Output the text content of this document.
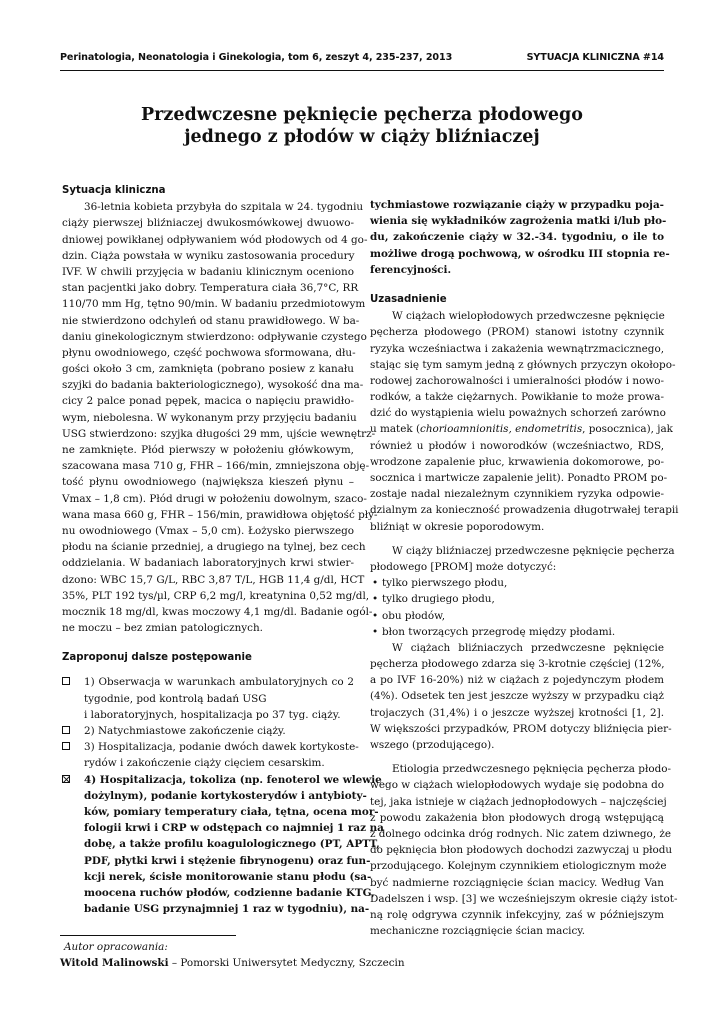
Perinatologia, Neonatologia i Ginekologia, tom 6, zeszyt 4, 235-237, 2013	SYTUACJA KLINICZNA #14
Przedwczesne pęknięcie pęcherza płodowego
jednego z płodów w ciąży bliźniaczej
Sytuacja kliniczna
36-letnia kobieta przybyła do szpitala w 24. tygodniu
ciąży pierwszej bliźniaczej dwukosmówkowej dwuowo-
dniowej powikłanej odpływaniem wód płodowych od 4 go-
dzin. Ciąża powstała w wyniku zastosowania procedury
IVF. W chwili przyjęcia w badaniu klinicznym oceniono
stan pacjentki jako dobry. Temperatura ciała 36,7°C, RR
110/70 mm Hg, tętno 90/min. W badaniu przedmiotowym
nie stwierdzono odchyleń od stanu prawidłowego. W ba-
daniu ginekologicznym stwierdzono: odpływanie czystego
płynu owodniowego, część pochwowa sformowana, dłu-
gości około 3 cm, zamknięta (pobrano posiew z kanału
szyjki do badania bakteriologicznego), wysokość dna ma-
cicy 2 palce ponad pępek, macica o napięciu prawidło-
wym, niebolesna. W wykonanym przy przyjęciu badaniu
USG stwierdzono: szyjka długości 29 mm, ujście wewnętrz-
ne zamknięte. Płód pierwszy w położeniu główkowym,
szacowana masa 710 g, FHR – 166/min, zmniejszona obję-
tość płynu owodniowego (największa kieszeń płynu –
Vmax – 1,8 cm). Płód drugi w położeniu dowolnym, szaco-
wana masa 660 g, FHR – 156/min, prawidłowa objętość pły-
nu owodniowego (Vmax – 5,0 cm). Łożysko pierwszego
płodu na ścianie przedniej, a drugiego na tylnej, bez cech
oddzielania. W badaniach laboratoryjnych krwi stwier-
dzono: WBC 15,7 G/L, RBC 3,87 T/L, HGB 11,4 g/dl, HCT
35%, PLT 192 tys/µl, CRP 6,2 mg/l, kreatynina 0,52 mg/dl,
mocznik 18 mg/dl, kwas moczowy 4,1 mg/dl. Badanie ogól-
ne moczu – bez zmian patologicznych.
Zaproponuj dalsze postępowanie
1) Obserwacja w warunkach ambulatoryjnych co 2
tygodnie, pod kontrolą badań USG
i laboratoryjnych, hospitalizacja po 37 tyg. ciąży.
2) Natychmiastowe zakończenie ciąży.
3) Hospitalizacja, podanie dwóch dawek kortykoste-
rydów i zakończenie ciąży cięciem cesarskim.
4) Hospitalizacja, tokoliza (np. fenoterol we wlewie
dożylnym), podanie kortykosterydów i antybioty-
ków, pomiary temperatury ciała, tętna, ocena mor-
fologii krwi i CRP w odstępach co najmniej 1 raz na
dobę, a także profilu koagulologicznego (PT, APTT,
PDF, płytki krwi i stężenie fibrynogenu) oraz fun-
kcji nerek, ścisłe monitorowanie stanu płodu (sa-
moocena ruchów płodów, codzienne badanie KTG,
badanie USG przynajmniej 1 raz w tygodniu), na-
tychmiastowe rozwiązanie ciąży w przypadku poja-
wienia się wykładników zagrożenia matki i/lub pło-
du, zakończenie ciąży w 32.-34. tygodniu, o ile to
możliwe drogą pochwową, w ośrodku III stopnia re-
ferencyjności.
Uzasadnienie
W ciążach wielopłodowych przedwczesne pęknięcie
pęcherza płodowego (PROM) stanowi istotny czynnik
ryzyka wcześniactwa i zakażenia wewnątrzmacicznego,
stając się tym samym jedną z głównych przyczyn okołopo-
rodowej zachorowalności i umieralności płodów i nowo-
rodków, a także ciężarnych. Powikłanie to może prowa-
dzić do wystąpienia wielu poważnych schorzeń zarówno
u matek (chorioamnionitis, endometritis, posocznica), jak
również u płodów i noworodków (wcześniactwo, RDS,
wrodzone zapalenie płuc, krwawienia dokomorowe, po-
socznica i martwicze zapalenie jelit). Ponadto PROM po-
zostaje nadal niezależnym czynnikiem ryzyka odpowie-
dzialnym za konieczność prowadzenia długotrwałej terapii
bliźniąt w okresie poporodowym.
W ciąży bliźniaczej przedwczesne pęknięcie pęcherza
płodowego [PROM] może dotyczyć:
• tylko pierwszego płodu,
• tylko drugiego płodu,
• obu płodów,
• błon tworzących przegrodę między płodami.
W ciążach bliźniaczych przedwczesne pęknięcie
pęcherza płodowego zdarza się 3-krotnie częściej (12%,
a po IVF 16-20%) niż w ciążach z pojedynczym płodem
(4%). Odsetek ten jest jeszcze wyższy w przypadku ciąż
trojaczych (31,4%) i o jeszcze wyższej krotności [1, 2].
W większości przypadków, PROM dotyczy bliźnięcia pier-
wszego (przodującego).
Etiologia przedwczesnego pęknięcia pęcherza płodo-
wego w ciążach wielopłodowych wydaje się podobna do
tej, jaka istnieje w ciążach jednopłodowych – najczęściej
z powodu zakażenia błon płodowych drogą wstępującą
z dolnego odcinka dróg rodnych. Nic zatem dziwnego, że
do pęknięcia błon płodowych dochodzi zazwyczaj u płodu
przodującego. Kolejnym czynnikiem etiologicznym może
być nadmierne rozciągnięcie ścian macicy. Według Van
Dadelszen i wsp. [3] we wcześniejszym okresie ciąży istot-
ną rolę odgrywa czynnik infekcyjny, zaś w późniejszym
mechaniczne rozciągnięcie ścian macicy.
Autor opracowania:
Witold Malinowski – Pomorski Uniwersytet Medyczny, Szczecin
